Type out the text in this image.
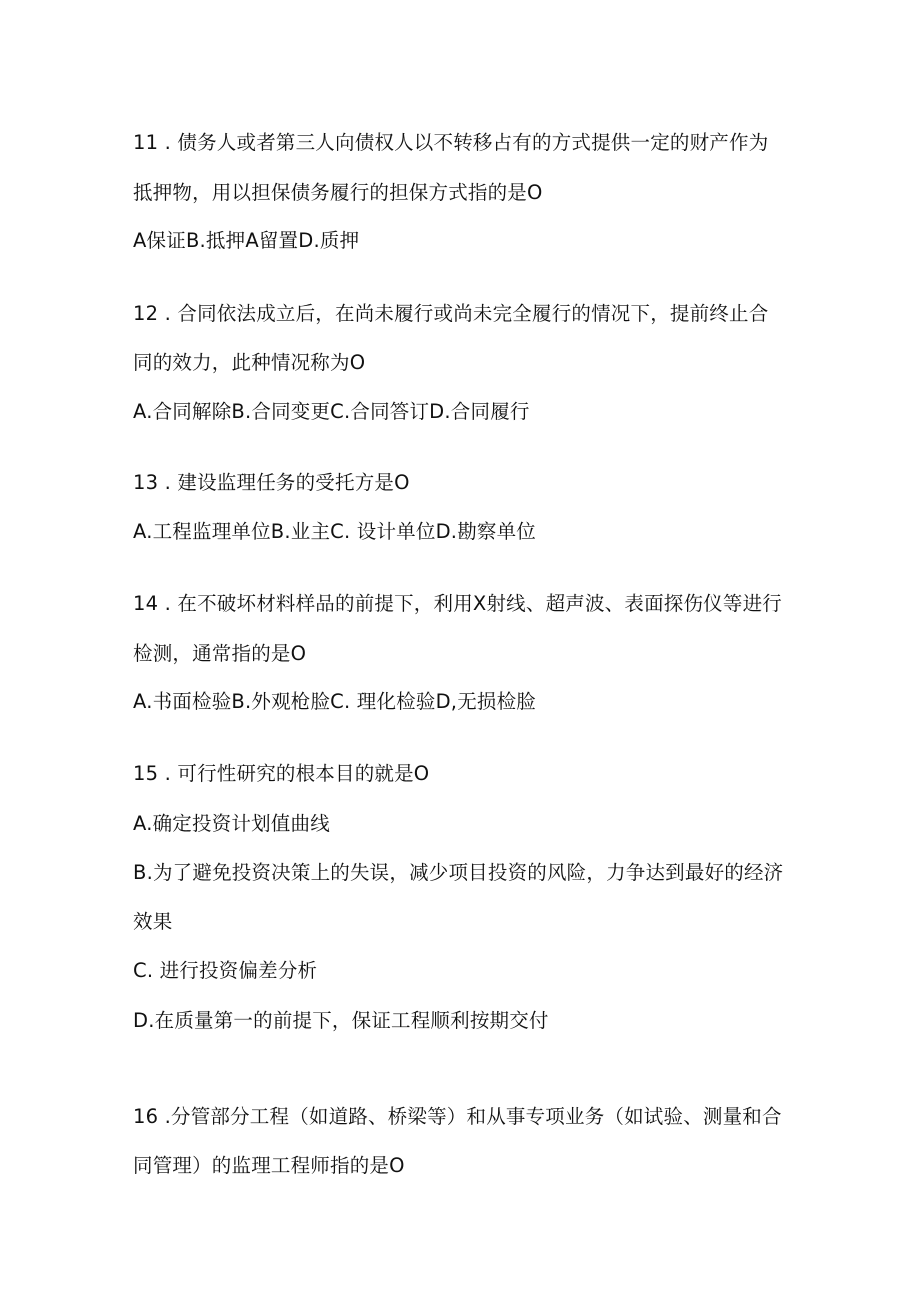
11 . 债务人或者第三人向债权人以不转移占有的方式提供一定的财产作为
抵押物，用以担保债务履行的担保方式指的是O
A保证B.抵押A留置D.质押
12 . 合同依法成立后，在尚未履行或尚未完全履行的情况下，提前终止合
同的效力，此种情况称为O
A.合同解除B.合同变更C.合同答订D.合同履行
13 . 建设监理任务的受托方是O
A.工程监理单位B.业主C. 设计单位D.勘察单位
14 . 在不破坏材料样品的前提下，利用X射线、超声波、表面探伤仪等进行
检测，通常指的是O
A.书面检验B.外观枪脸C. 理化检验D,无损检脸
15 . 可行性研究的根本目的就是O
A.确定投资计划值曲线
B.为了避免投资决策上的失误，减少项目投资的风险，力争达到最好的经济
效果
C. 进行投资偏差分析
D.在质量第一的前提下，保证工程顺利按期交付
16 .分管部分工程（如道路、桥梁等）和从事专项业务（如试验、测量和合
同管理）的监理工程师指的是O
